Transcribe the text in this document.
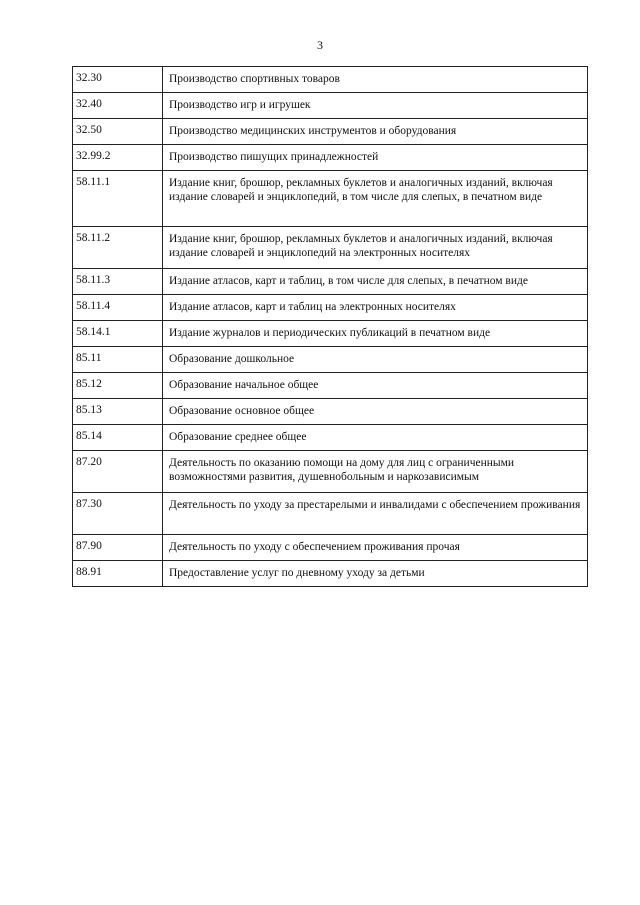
3
32.30	Производство спортивных товаров
32.40	Производство игр и игрушек
32.50	Производство медицинских инструментов и оборудования
32.99.2	Производство пишущих принадлежностей
58.11.1	Издание книг, брошюр, рекламных буклетов и аналогичных изданий, включая издание словарей и энциклопедий, в том числе для слепых, в печатном виде
58.11.2	Издание книг, брошюр, рекламных буклетов и аналогичных изданий, включая издание словарей и энциклопедий на электронных носителях
58.11.3	Издание атласов, карт и таблиц, в том числе для слепых, в печатном виде
58.11.4	Издание атласов, карт и таблиц на электронных носителях
58.14.1	Издание журналов и периодических публикаций в печатном виде
85.11	Образование дошкольное
85.12	Образование начальное общее
85.13	Образование основное общее
85.14	Образование среднее общее
87.20	Деятельность по оказанию помощи на дому для лиц с ограниченными возможностями развития, душевнобольным и наркозависимым
87.30	Деятельность по уходу за престарелыми и инвалидами с обеспечением проживания
87.90	Деятельность по уходу с обеспечением проживания прочая
88.91	Предоставление услуг по дневному уходу за детьми
